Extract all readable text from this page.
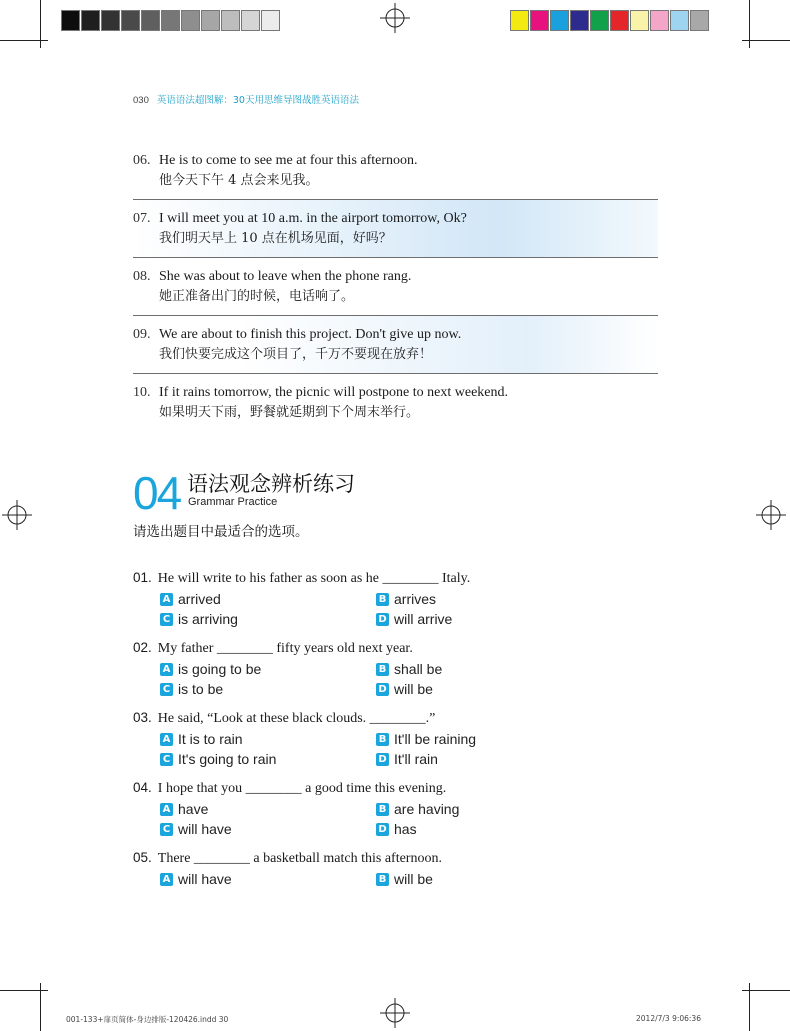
030 英语语法超图解：30天用思维导图战胜英语语法
06. He is to come to see me at four this afternoon.
他今天下午 4 点会来见我。
07. I will meet you at 10 a.m. in the airport tomorrow, Ok?
我们明天早上 10 点在机场见面，好吗？
08. She was about to leave when the phone rang.
她正准备出门的时候，电话响了。
09. We are about to finish this project. Don't give up now.
我们快要完成这个项目了，千万不要现在放弃！
10. If it rains tomorrow, the picnic will postpone to next weekend.
如果明天下雨，野餐就延期到下个周末举行。
04 语法观念辨析练习
Grammar Practice
请选出题目中最适合的选项。
01. He will write to his father as soon as he ________ Italy.
A arrived	B arrives
C is arriving	D will arrive
02. My father ________ fifty years old next year.
A is going to be	B shall be
C is to be	D will be
03. He said, “Look at these black clouds. ________.”
A It is to rain	B It'll be raining
C It's going to rain	D It'll rain
04. I hope that you ________ a good time this evening.
A have	B are having
C will have	D has
05. There ________ a basketball match this afternoon.
A will have	B will be
001-133+扉页简体-身边排版-120426.indd 30	2012/7/3 9:06:36
